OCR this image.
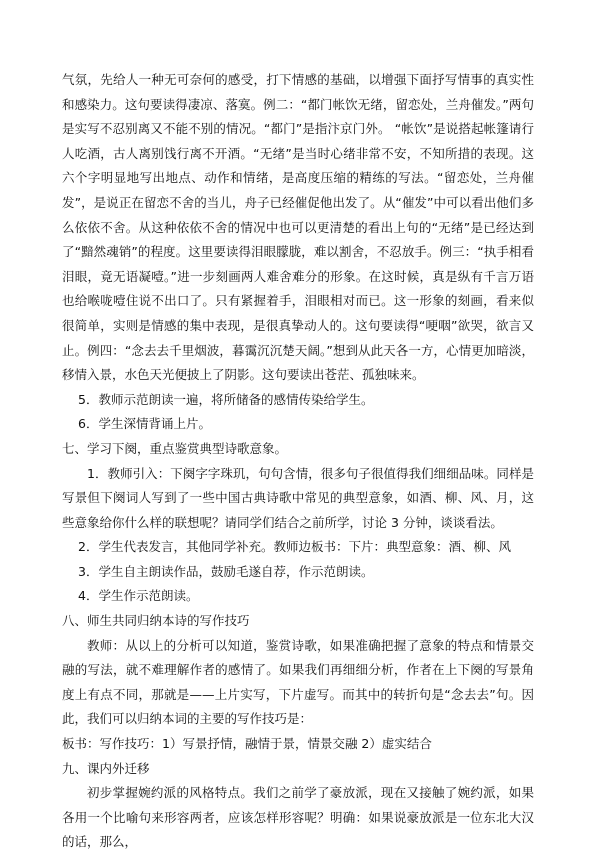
气氛，先给人一种无可奈何的感受，打下情感的基础，以增强下面抒写情事的真实性和感染力。这句要读得凄凉、落寞。例二：“都门帐饮无绪，留恋处，兰舟催发。”两句是实写不忍别离又不能不别的情况。“都门”是指汴京门外。 “帐饮”是说搭起帐篷请行人吃酒，古人离别饯行离不开酒。“无绪”是当时心绪非常不安，不知所措的表现。这六个字明显地写出地点、动作和情绪，是高度压缩的精练的写法。“留恋处，兰舟催发”，是说正在留恋不舍的当儿，舟子已经催促他出发了。从“催发”中可以看出他们多么依依不舍。从这种依依不舍的情况中也可以更清楚的看出上句的“无绪”是已经达到了“黯然魂销”的程度。这里要读得泪眼朦胧，难以割舍，不忍放手。例三：“执手相看泪眼，竟无语凝噎。”进一步刻画两人难舍难分的形象。在这时候，真是纵有千言万语也给喉咙噎住说不出口了。只有紧握着手，泪眼相对而已。这一形象的刻画，看来似很简单，实则是情感的集中表现，是很真挚动人的。这句要读得“哽咽”欲哭，欲言又止。例四：“念去去千里烟波，暮霭沉沉楚天阔。”想到从此天各一方，心情更加暗淡，移情入景，水色天光便披上了阴影。这句要读出苍茫、孤独味来。

5．教师示范朗读一遍，将所储备的感情传染给学生。

6．学生深情背诵上片。

七、学习下阕，重点鉴赏典型诗歌意象。

1．教师引入：下阕字字珠玑，句句含情，很多句子很值得我们细细品味。同样是写景但下阕词人写到了一些中国古典诗歌中常见的典型意象，如酒、柳、风、月，这些意象给你什么样的联想呢？请同学们结合之前所学，讨论 3 分钟，谈谈看法。

2．学生代表发言，其他同学补充。教师边板书：下片：典型意象：酒、柳、风

3．学生自主朗读作品，鼓励毛遂自荐，作示范朗读。

4．学生作示范朗读。

八、师生共同归纳本诗的写作技巧

教师：从以上的分析可以知道，鉴赏诗歌，如果准确把握了意象的特点和情景交融的写法，就不难理解作者的感情了。如果我们再细细分析，作者在上下阕的写景角度上有点不同，那就是——上片实写，下片虚写。而其中的转折句是“念去去”句。因此，我们可以归纳本词的主要的写作技巧是：

板书：写作技巧：1）写景抒情，融情于景，情景交融 2）虚实结合

九、课内外迁移

初步掌握婉约派的风格特点。我们之前学了豪放派，现在又接触了婉约派，如果各用一个比喻句来形容两者，应该怎样形容呢？明确：如果说豪放派是一位东北大汉的话，那么，
